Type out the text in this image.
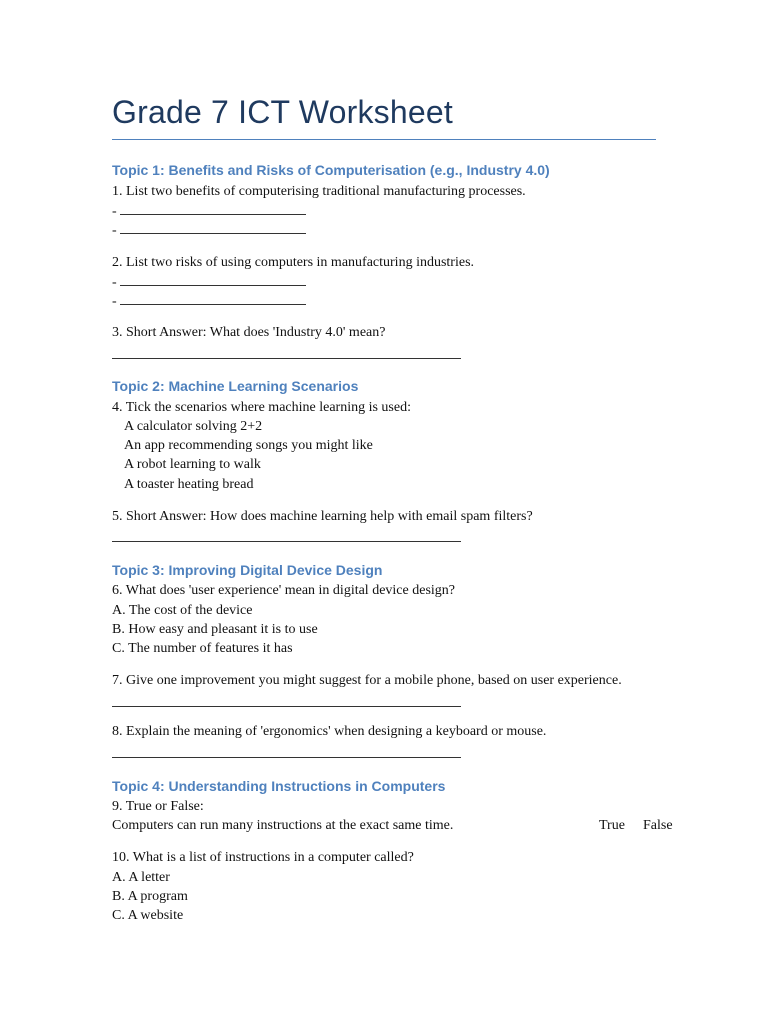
Grade 7 ICT Worksheet
Topic 1: Benefits and Risks of Computerisation (e.g., Industry 4.0)
1. List two benefits of computerising traditional manufacturing processes.
-
-
2. List two risks of using computers in manufacturing industries.
-
-
3. Short Answer: What does 'Industry 4.0' mean?
Topic 2: Machine Learning Scenarios
4. Tick the scenarios where machine learning is used:
A calculator solving 2+2
An app recommending songs you might like
A robot learning to walk
A toaster heating bread
5. Short Answer: How does machine learning help with email spam filters?
Topic 3: Improving Digital Device Design
6. What does 'user experience' mean in digital device design?
A. The cost of the device
B. How easy and pleasant it is to use
C. The number of features it has
7. Give one improvement you might suggest for a mobile phone, based on user experience.
8. Explain the meaning of 'ergonomics' when designing a keyboard or mouse.
Topic 4: Understanding Instructions in Computers
9. True or False:
Computers can run many instructions at the exact same time.	True False
10. What is a list of instructions in a computer called?
A. A letter
B. A program
C. A website
